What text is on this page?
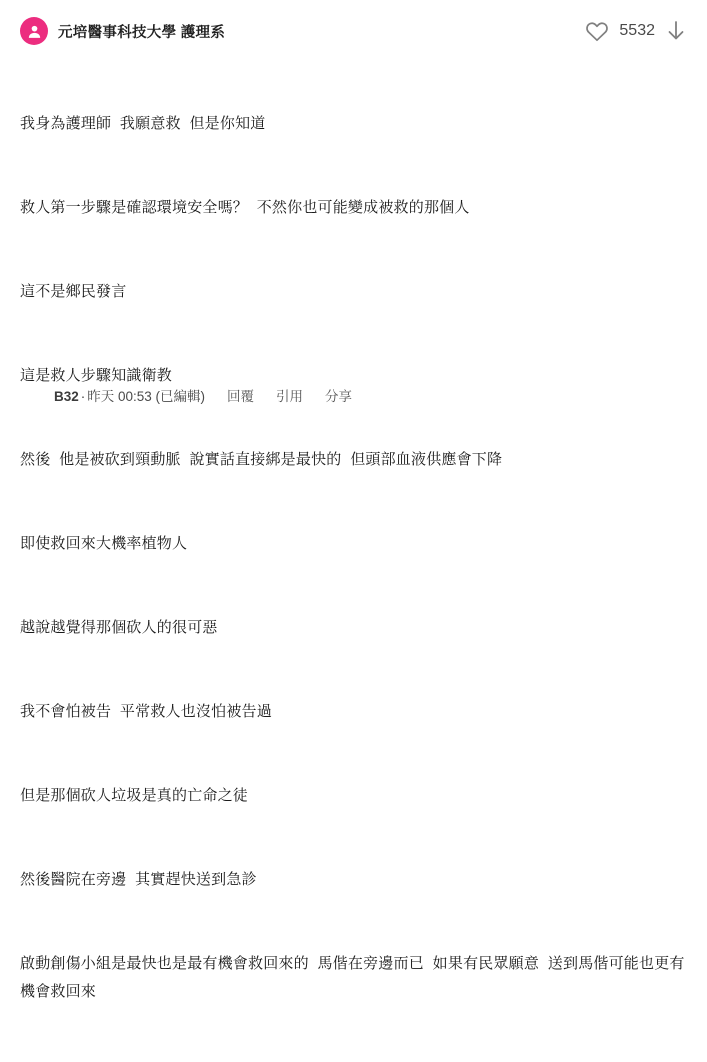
元培醫事科技大學 護理系	5532

我身為護理師  我願意救  但是你知道

救人第一步驟是確認環境安全嗎？  不然你也可能變成被救的那個人

這不是鄉民發言

這是救人步驟知識衛教

然後  他是被砍到頸動脈  說實話直接綁是最快的  但頭部血液供應會下降

即使救回來大機率植物人

越說越覺得那個砍人的很可惡

我不會怕被告  平常救人也沒怕被告過

但是那個砍人垃圾是真的亡命之徒

然後醫院在旁邊  其實趕快送到急診

啟動創傷小組是最快也是最有機會救回來的  馬偕在旁邊而已  如果有民眾願意  送到馬偕可能也更有機會救回來

B32 · 昨天 00:53 (已編輯) 回覆 引用 分享
